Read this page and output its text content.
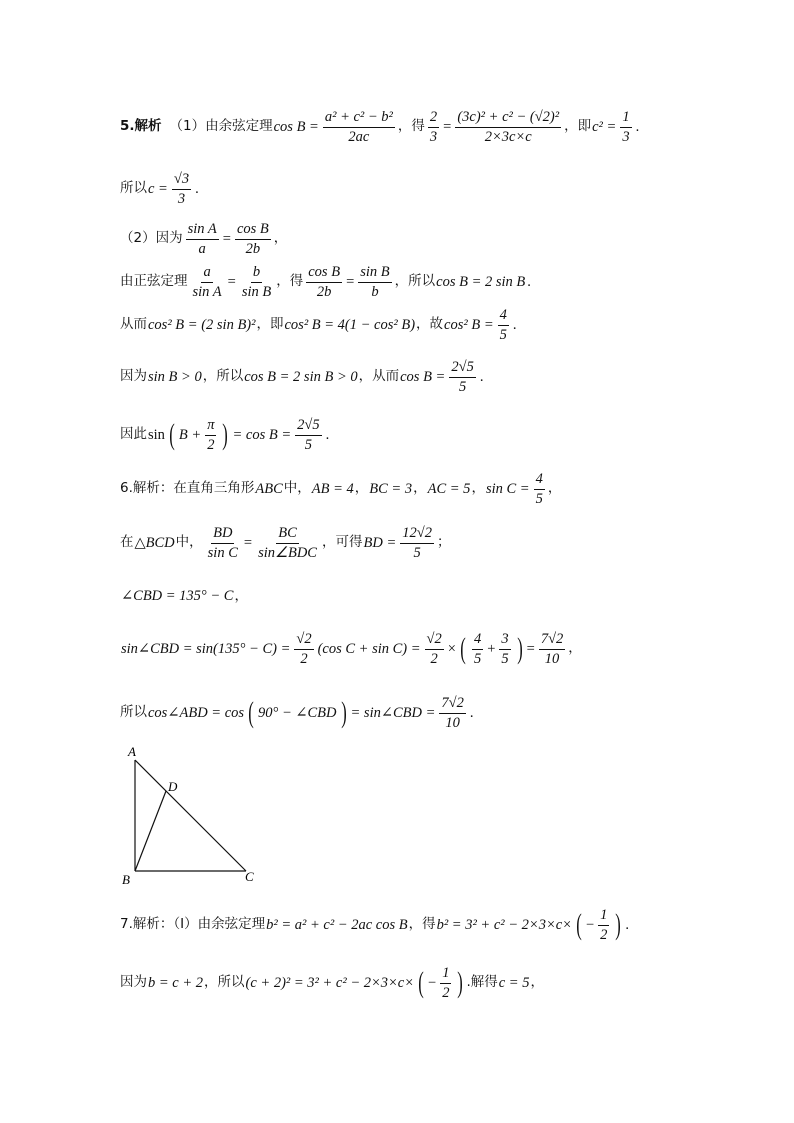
5.解析 （1）由余弦定理 $\cos B = \frac{\text{a² + c² − b²}}{2ac}$ ，得 $\frac{2}{3} = \frac{\text{(3c)² + c² − (√2)²}}{2\times 3c\times c}$ ，即 $c^2 = \frac{1}{3}$ .
所以 $c = \frac{√3}{3}$ .
（2）因为 $\frac{\text{sin A}}{a} = \frac{\text{cos B}}{2b}$ ，
由正弦定理 $\frac{a}{\text{sin A}} = \frac{b}{\text{sin B}}$ ，得 $\frac{\text{cos B}}{2b} = \frac{\text{sin B}}{b}$ ，所以 cos B = 2 sin B .
从而 cos² B = (2 sin B)² ，即 cos² B = 4(1 − cos² B) ，故 cos² $B = \frac{4}{5}$ .
因为 sin B > 0 ，所以 cos B = 2 sin B > 0 ，从而 $\cos B = \frac{2√5}{5}$ .
因此 sin ( $B + \frac{\pi}{2}$ ) = $\cos B = \frac{2√5}{5}$ .
6.解析：在直角三角形 ABC 中， AB = 4 ， BC = 3 ， AC = 5 ， $\sin C = \frac{4}{5}$ ，
在 △BCD 中， $\frac{BD}{\text{sin C}}$ =
BC
sin∠BDC
，可得 BD = $\frac{12√2}{5}$ ；
∠CBD = 135° − C ，
sin∠CBD = $\sin(135^\circ - C) = \frac{√2}{2} (\cos$ $C + \sin C) = \frac{√2}{2}$ × ( $\frac{4}{5} + \frac{3}{5}$ ) = $\frac{7√2}{10}$ ，
所以 cos∠ABD = cos ( 90° − ∠CBD ) = sin∠CBD = $\frac{7√2}{10}$ .
A
D
B	C
7.解析：（I）由余弦定理 b² = a² + c² − 2ac cos B ，得 b² = 3² + c² − 2×3×c× ( − $\frac{1}{2}$ ) .
因为 b = c + 2 ，所以 (c + 2)² = 3² + c² − 2×3×c× ( − $\frac{1}{2}$ ) .解得 c = 5 ，
